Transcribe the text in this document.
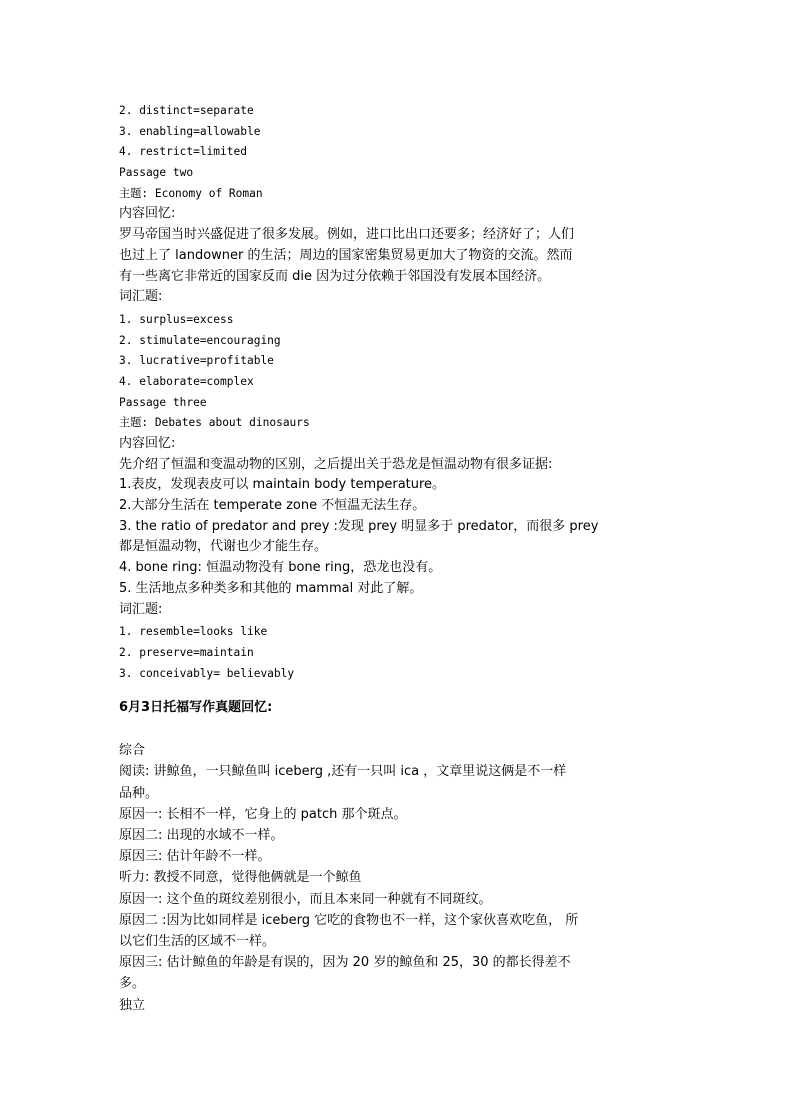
2. distinct=separate
3. enabling=allowable
4. restrict=limited
Passage two
主题: Economy of Roman
内容回忆:
罗马帝国当时兴盛促进了很多发展。例如，进口比出口还要多；经济好了；人们
也过上了 landowner 的生活；周边的国家密集贸易更加大了物资的交流。然而
有一些离它非常近的国家反而 die 因为过分依赖于邻国没有发展本国经济。
词汇题:
1. surplus=excess
2. stimulate=encouraging
3. lucrative=profitable
4. elaborate=complex
Passage three
主题: Debates about dinosaurs
内容回忆:
先介绍了恒温和变温动物的区别，之后提出关于恐龙是恒温动物有很多证据:
1.表皮，发现表皮可以 maintain body temperature。
2.大部分生活在 temperate zone 不恒温无法生存。
3. the ratio of predator and prey :发现 prey 明显多于 predator，而很多 prey
都是恒温动物，代谢也少才能生存。
4. bone ring: 恒温动物没有 bone ring，恐龙也没有。
5. 生活地点多种类多和其他的 mammal 对此了解。
词汇题:
1. resemble=looks like
2. preserve=maintain
3. conceivably= believably
6月3日托福写作真题回忆:
综合
阅读: 讲鲸鱼，一只鲸鱼叫 iceberg ,还有一只叫 ica ，文章里说这俩是不一样
品种。
原因一: 长相不一样，它身上的 patch 那个斑点。
原因二: 出现的水域不一样。
原因三: 估计年龄不一样。
听力: 教授不同意，觉得他俩就是一个鲸鱼
原因一: 这个鱼的斑纹差别很小，而且本来同一种就有不同斑纹。
原因二 :因为比如同样是 iceberg 它吃的食物也不一样，这个家伙喜欢吃鱼， 所
以它们生活的区域不一样。
原因三: 估计鲸鱼的年龄是有误的，因为 20 岁的鲸鱼和 25，30 的都长得差不
多。
独立
